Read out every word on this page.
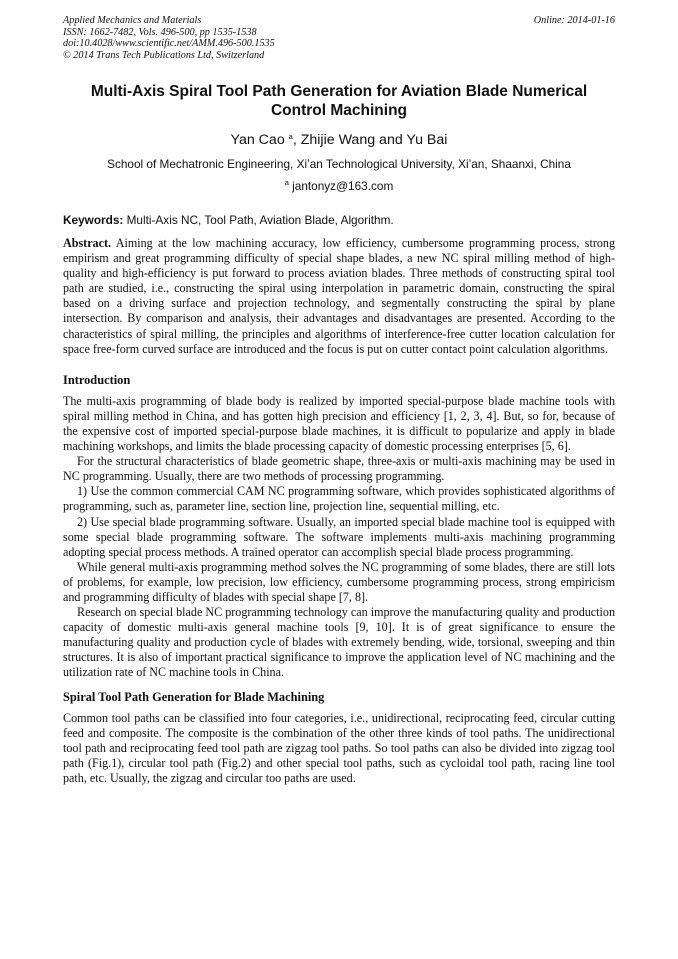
Applied Mechanics and Materials
ISSN: 1662-7482, Vols. 496-500, pp 1535-1538
doi:10.4028/www.scientific.net/AMM.496-500.1535
© 2014 Trans Tech Publications Ltd, Switzerland
Online: 2014-01-16
Multi-Axis Spiral Tool Path Generation for Aviation Blade Numerical Control Machining
Yan Cao $^a$, Zhijie Wang and Yu Bai
School of Mechatronic Engineering, Xi’an Technological University, Xi’an, Shaanxi, China
$^a$ jantonyz@163.com
Keywords: Multi-Axis NC, Tool Path, Aviation Blade, Algorithm.

Abstract. Aiming at the low machining accuracy, low efficiency, cumbersome programming process, strong empirism and great programming difficulty of special shape blades, a new NC spiral milling method of high-quality and high-efficiency is put forward to process aviation blades. Three methods of constructing spiral tool path are studied, i.e., constructing the spiral using interpolation in parametric domain, constructing the spiral based on a driving surface and projection technology, and segmentally constructing the spiral by plane intersection. By comparison and analysis, their advantages and disadvantages are presented. According to the characteristics of spiral milling, the principles and algorithms of interference-free cutter location calculation for space free-form curved surface are introduced and the focus is put on cutter contact point calculation algorithms.

Introduction

The multi-axis programming of blade body is realized by imported special-purpose blade machine tools with spiral milling method in China, and has gotten high precision and efficiency [1, 2, 3, 4]. But, so for, because of the expensive cost of imported special-purpose blade machines, it is difficult to popularize and apply in blade machining workshops, and limits the blade processing capacity of domestic processing enterprises [5, 6].

For the structural characteristics of blade geometric shape, three-axis or multi-axis machining may be used in NC programming. Usually, there are two methods of processing programming.

1) Use the common commercial CAM NC programming software, which provides sophisticated algorithms of programming, such as, parameter line, section line, projection line, sequential milling, etc.

2) Use special blade programming software. Usually, an imported special blade machine tool is equipped with some special blade programming software. The software implements multi-axis machining programming adopting special process methods. A trained operator can accomplish special blade process programming.

While general multi-axis programming method solves the NC programming of some blades, there are still lots of problems, for example, low precision, low efficiency, cumbersome programming process, strong empiricism and programming difficulty of blades with special shape [7, 8].

Research on special blade NC programming technology can improve the manufacturing quality and production capacity of domestic multi-axis general machine tools [9, 10]. It is of great significance to ensure the manufacturing quality and production cycle of blades with extremely bending, wide, torsional, sweeping and thin structures. It is also of important practical significance to improve the application level of NC machining and the utilization rate of NC machine tools in China.

Spiral Tool Path Generation for Blade Machining

Common tool paths can be classified into four categories, i.e., unidirectional, reciprocating feed, circular cutting feed and composite. The composite is the combination of the other three kinds of tool paths. The unidirectional tool path and reciprocating feed tool path are zigzag tool paths. So tool paths can also be divided into zigzag tool path (Fig.1), circular tool path (Fig.2) and other special tool paths, such as cycloidal tool path, racing line tool path, etc. Usually, the zigzag and circular too paths are used.
